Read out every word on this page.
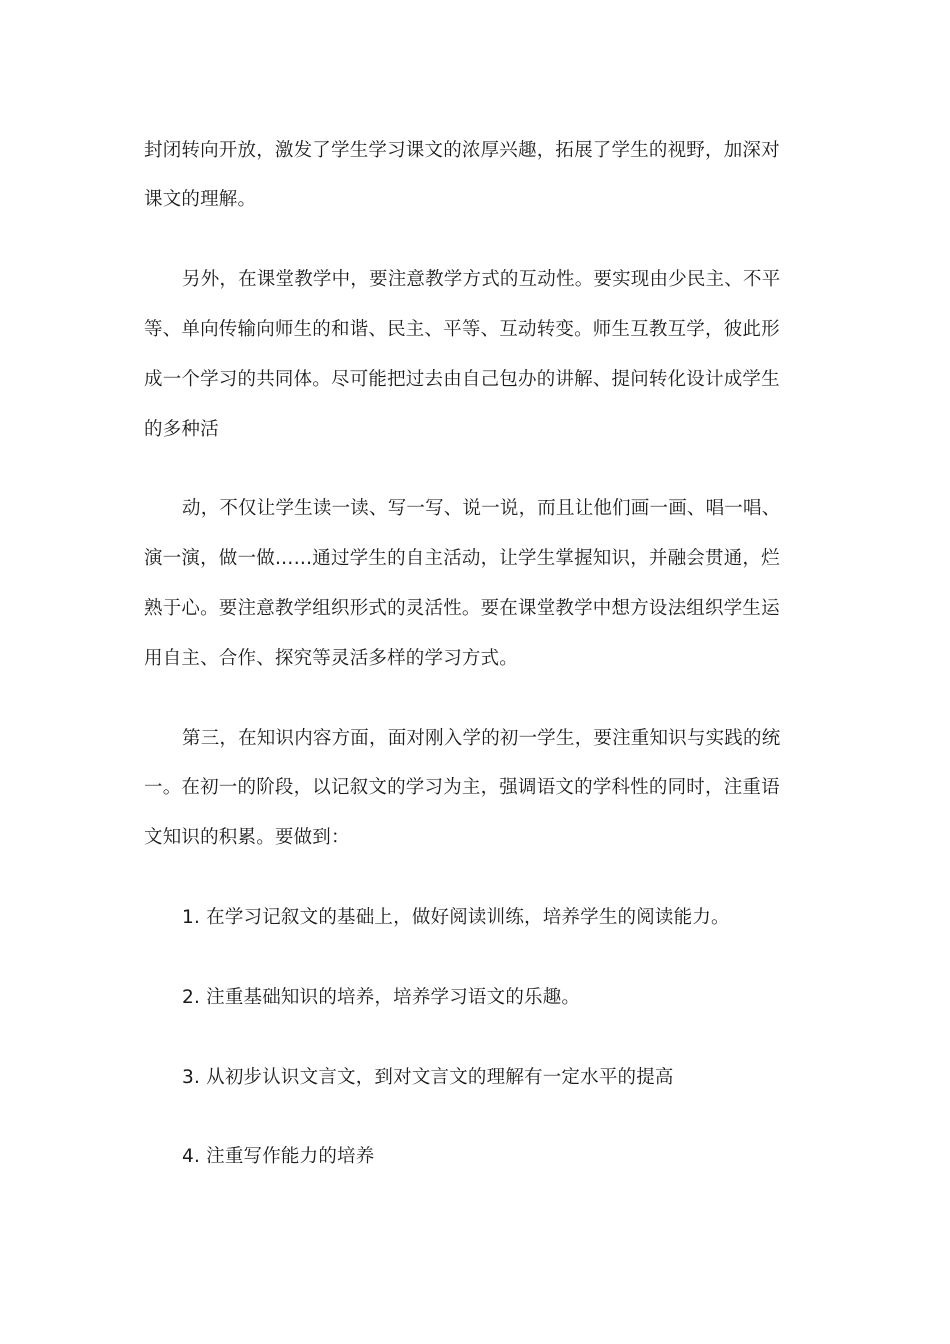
封闭转向开放，激发了学生学习课文的浓厚兴趣，拓展了学生的视野，加深对
课文的理解。
另外，在课堂教学中，要注意教学方式的互动性。要实现由少民主、不平
等、单向传输向师生的和谐、民主、平等、互动转变。师生互教互学，彼此形
成一个学习的共同体。尽可能把过去由自己包办的讲解、提问转化设计成学生
的多种活
动，不仅让学生读一读、写一写、说一说，而且让他们画一画、唱一唱、
演一演，做一做……通过学生的自主活动，让学生掌握知识，并融会贯通，烂
熟于心。要注意教学组织形式的灵活性。要在课堂教学中想方设法组织学生运
用自主、合作、探究等灵活多样的学习方式。
第三，在知识内容方面，面对刚入学的初一学生，要注重知识与实践的统
一。在初一的阶段，以记叙文的学习为主，强调语文的学科性的同时，注重语
文知识的积累。要做到：
1. 在学习记叙文的基础上，做好阅读训练，培养学生的阅读能力。
2. 注重基础知识的培养，培养学习语文的乐趣。
3. 从初步认识文言文，到对文言文的理解有一定水平的提高
4. 注重写作能力的培养
